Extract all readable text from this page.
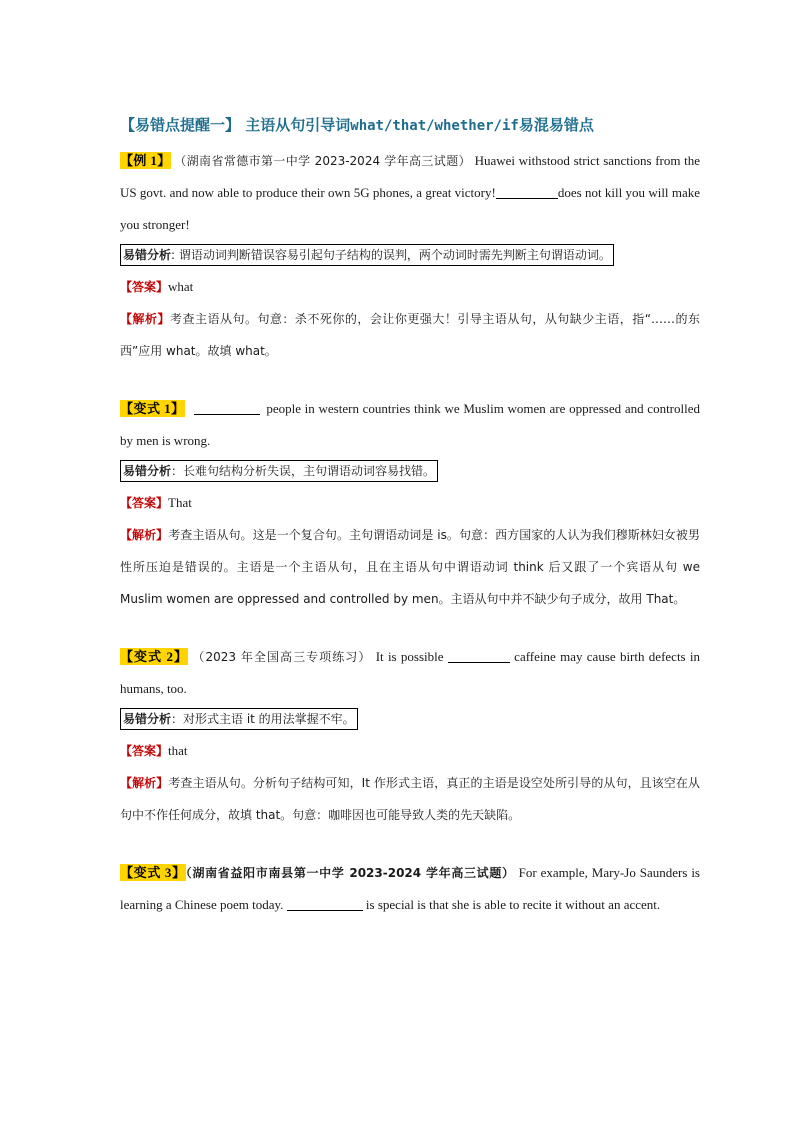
【易错点提醒一】 主语从句引导词what/that/whether/if易混易错点

【例 1】 （湖南省常德市第一中学 2023-2024 学年高三试题） Huawei withstood strict sanctions from the US govt. and now able to produce their own 5G phones, a great victory!	does not kill you will make you stronger!

易错分析: 谓语动词判断错误容易引起句子结构的误判，两个动词时需先判断主句谓语动词。

【答案】what

【解析】考查主语从句。句意：杀不死你的，会让你更强大！引导主语从句，从句缺少主语，指“……的东西”应用 what。故填 what。

【变式 1】	people in western countries think we Muslim women are oppressed and controlled by men is wrong.

易错分析：长难句结构分析失误，主句谓语动词容易找错。

【答案】That

【解析】考查主语从句。这是一个复合句。主句谓语动词是 is。句意：西方国家的人认为我们穆斯林妇女被男性所压迫是错误的。主语是一个主语从句，且在主语从句中谓语动词 think 后又跟了一个宾语从句 we Muslim women are oppressed and controlled by men。主语从句中并不缺少句子成分，故用 That。

【变式 2】 （2023 年全国高三专项练习） It is possible	caffeine may cause birth defects in humans, too.

易错分析：对形式主语 it 的用法掌握不牢。

【答案】that

【解析】考查主语从句。分析句子结构可知，It 作形式主语，真正的主语是设空处所引导的从句，且该空在从句中不作任何成分，故填 that。句意：咖啡因也可能导致人类的先天缺陷。

【变式 3】（湖南省益阳市南县第一中学 2023-2024 学年高三试题） For example, Mary-Jo Saunders is learning a Chinese poem today.	is special is that she is able to recite it without an accent.
